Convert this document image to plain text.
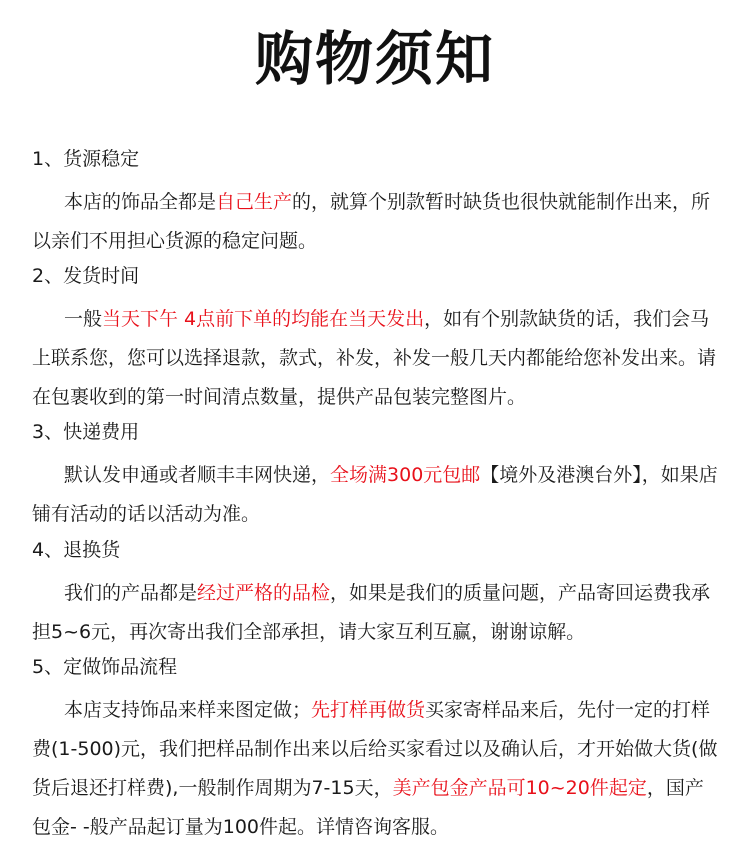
购物须知
1、货源稳定
本店的饰品全都是自己生产的，就算个别款暂时缺货也很快就能制作出来，所以亲们不用担心货源的稳定问题。
2、发货时间
一般当天下午 4点前下单的均能在当天发出，如有个别款缺货的话，我们会马上联系您，您可以选择退款，款式，补发，补发一般几天内都能给您补发出来。请在包裹收到的第一时间清点数量，提供产品包装完整图片。
3、快递费用
默认发申通或者顺丰丰网快递，全场满300元包邮【境外及港澳台外】，如果店铺有活动的话以活动为准。
4、退换货
我们的产品都是经过严格的品检，如果是我们的质量问题，产品寄回运费我承担5~6元，再次寄出我们全部承担，请大家互利互赢，谢谢谅解。
5、定做饰品流程
本店支持饰品来样来图定做；先打样再做货买家寄样品来后，先付一定的打样费(1-500)元，我们把样品制作出来以后给买家看过以及确认后，才开始做大货(做货后退还打样费),一般制作周期为7-15天，美产包金产品可10~20件起定，国产包金- -般产品起订量为100件起。详情咨询客服。
